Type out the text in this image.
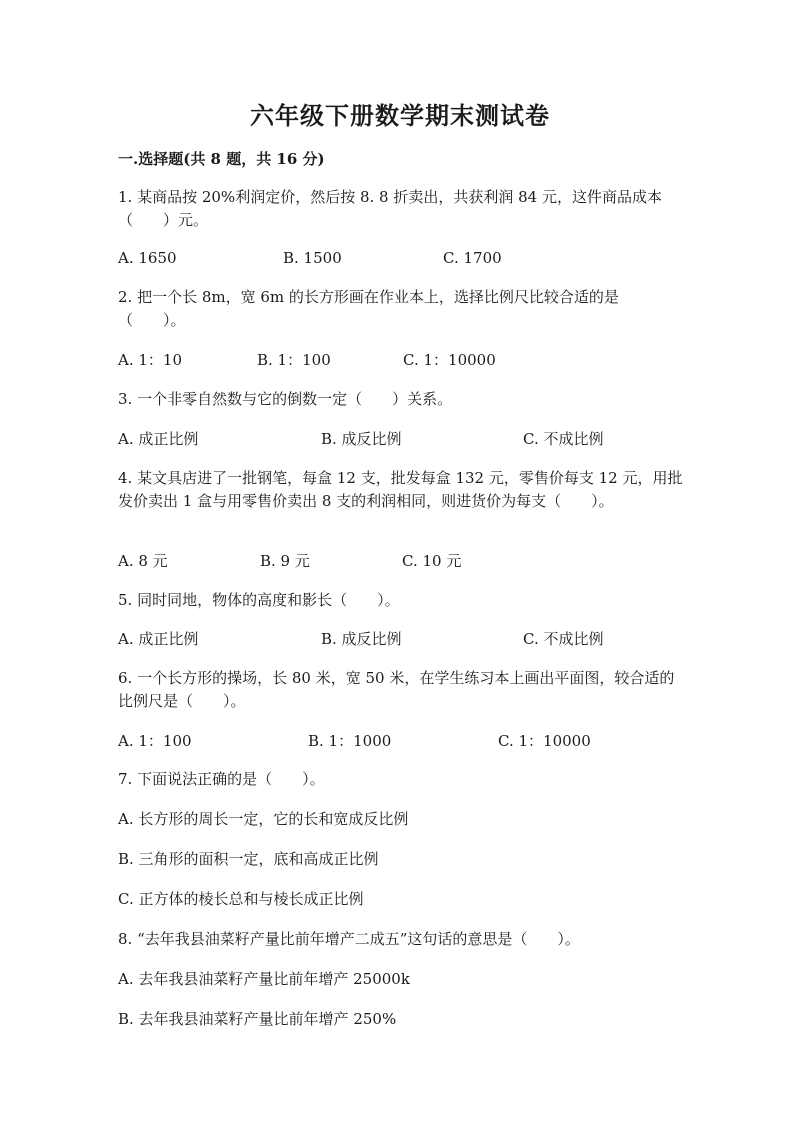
六年级下册数学期末测试卷
一.选择题(共 8 题，共 16 分)
1. 某商品按 20%利润定价，然后按 8. 8 折卖出，共获利润 84 元，这件商品成本（　　）元。
A. 1650	B. 1500	C. 1700
2. 把一个长 8m，宽 6m 的长方形画在作业本上，选择比例尺比较合适的是（　　）。
A. 1：10	B. 1：100	C. 1：10000
3. 一个非零自然数与它的倒数一定（　　）关系。
A. 成正比例	B. 成反比例	C. 不成比例
4. 某文具店进了一批钢笔，每盒 12 支，批发每盒 132 元，零售价每支 12 元，用批发价卖出 1 盒与用零售价卖出 8 支的利润相同，则进货价为每支（　　）。
A. 8 元	B. 9 元	C. 10 元
5. 同时同地，物体的高度和影长（　　）。
A. 成正比例	B. 成反比例	C. 不成比例
6. 一个长方形的操场，长 80 米，宽 50 米，在学生练习本上画出平面图，较合适的比例尺是（　　）。
A. 1：100	B. 1：1000	C. 1：10000
7. 下面说法正确的是（　　）。
A. 长方形的周长一定，它的长和宽成反比例
B. 三角形的面积一定，底和高成正比例
C. 正方体的棱长总和与棱长成正比例
8. “去年我县油菜籽产量比前年增产二成五”这句话的意思是（　　）。
A. 去年我县油菜籽产量比前年增产 25000k
B. 去年我县油菜籽产量比前年增产 250%
